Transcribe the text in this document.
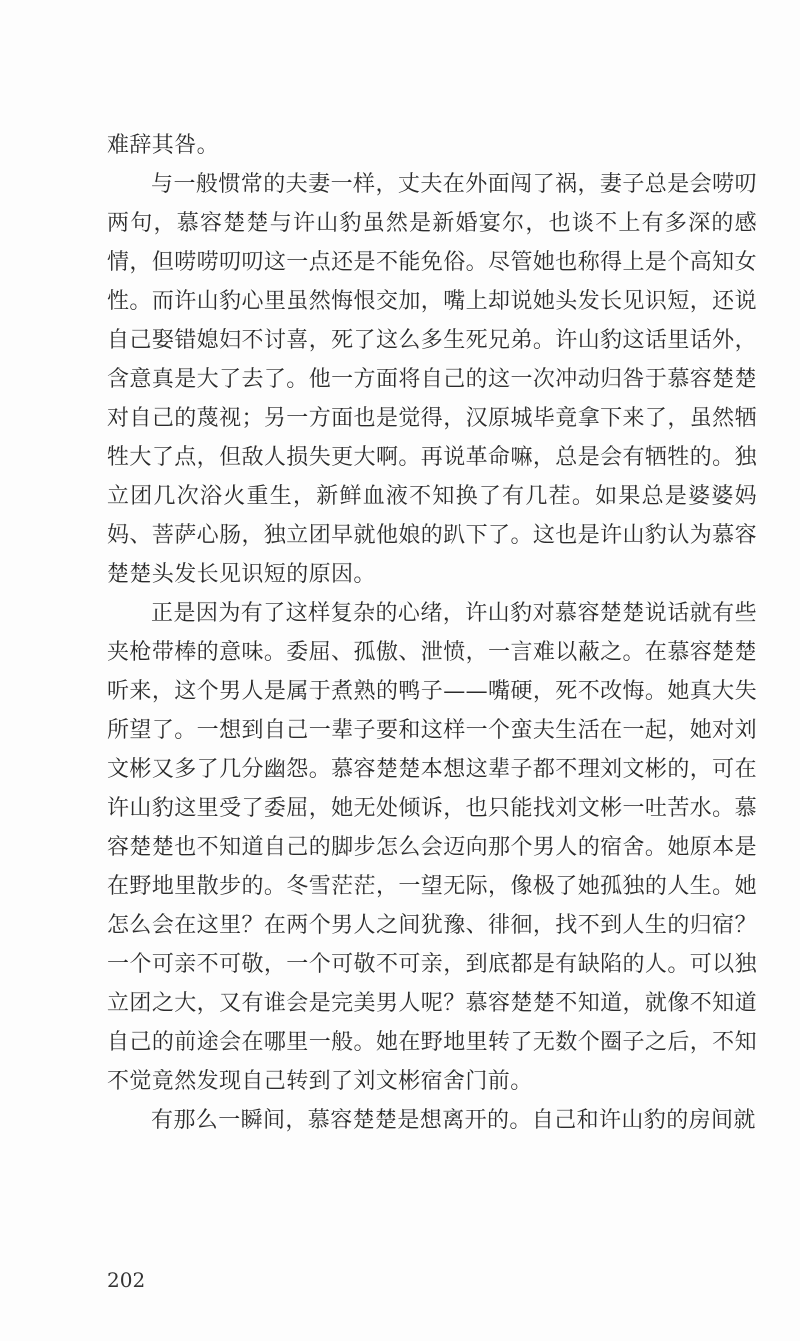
难辞其咎。

与一般惯常的夫妻一样，丈夫在外面闯了祸，妻子总是会唠叨两句，慕容楚楚与许山豹虽然是新婚宴尔，也谈不上有多深的感情，但唠唠叨叨这一点还是不能免俗。尽管她也称得上是个高知女性。而许山豹心里虽然悔恨交加，嘴上却说她头发长见识短，还说自己娶错媳妇不讨喜，死了这么多生死兄弟。许山豹这话里话外，含意真是大了去了。他一方面将自己的这一次冲动归咎于慕容楚楚对自己的蔑视；另一方面也是觉得，汉原城毕竟拿下来了，虽然牺牲大了点，但敌人损失更大啊。再说革命嘛，总是会有牺牲的。独立团几次浴火重生，新鲜血液不知换了有几茬。如果总是婆婆妈妈、菩萨心肠，独立团早就他娘的趴下了。这也是许山豹认为慕容楚楚头发长见识短的原因。

正是因为有了这样复杂的心绪，许山豹对慕容楚楚说话就有些夹枪带棒的意味。委屈、孤傲、泄愤，一言难以蔽之。在慕容楚楚听来，这个男人是属于煮熟的鸭子——嘴硬，死不改悔。她真大失所望了。一想到自己一辈子要和这样一个蛮夫生活在一起，她对刘文彬又多了几分幽怨。慕容楚楚本想这辈子都不理刘文彬的，可在许山豹这里受了委屈，她无处倾诉，也只能找刘文彬一吐苦水。慕容楚楚也不知道自己的脚步怎么会迈向那个男人的宿舍。她原本是在野地里散步的。冬雪茫茫，一望无际，像极了她孤独的人生。她怎么会在这里？在两个男人之间犹豫、徘徊，找不到人生的归宿？一个可亲不可敬，一个可敬不可亲，到底都是有缺陷的人。可以独立团之大，又有谁会是完美男人呢？慕容楚楚不知道，就像不知道自己的前途会在哪里一般。她在野地里转了无数个圈子之后，不知不觉竟然发现自己转到了刘文彬宿舍门前。

有那么一瞬间，慕容楚楚是想离开的。自己和许山豹的房间就

202
